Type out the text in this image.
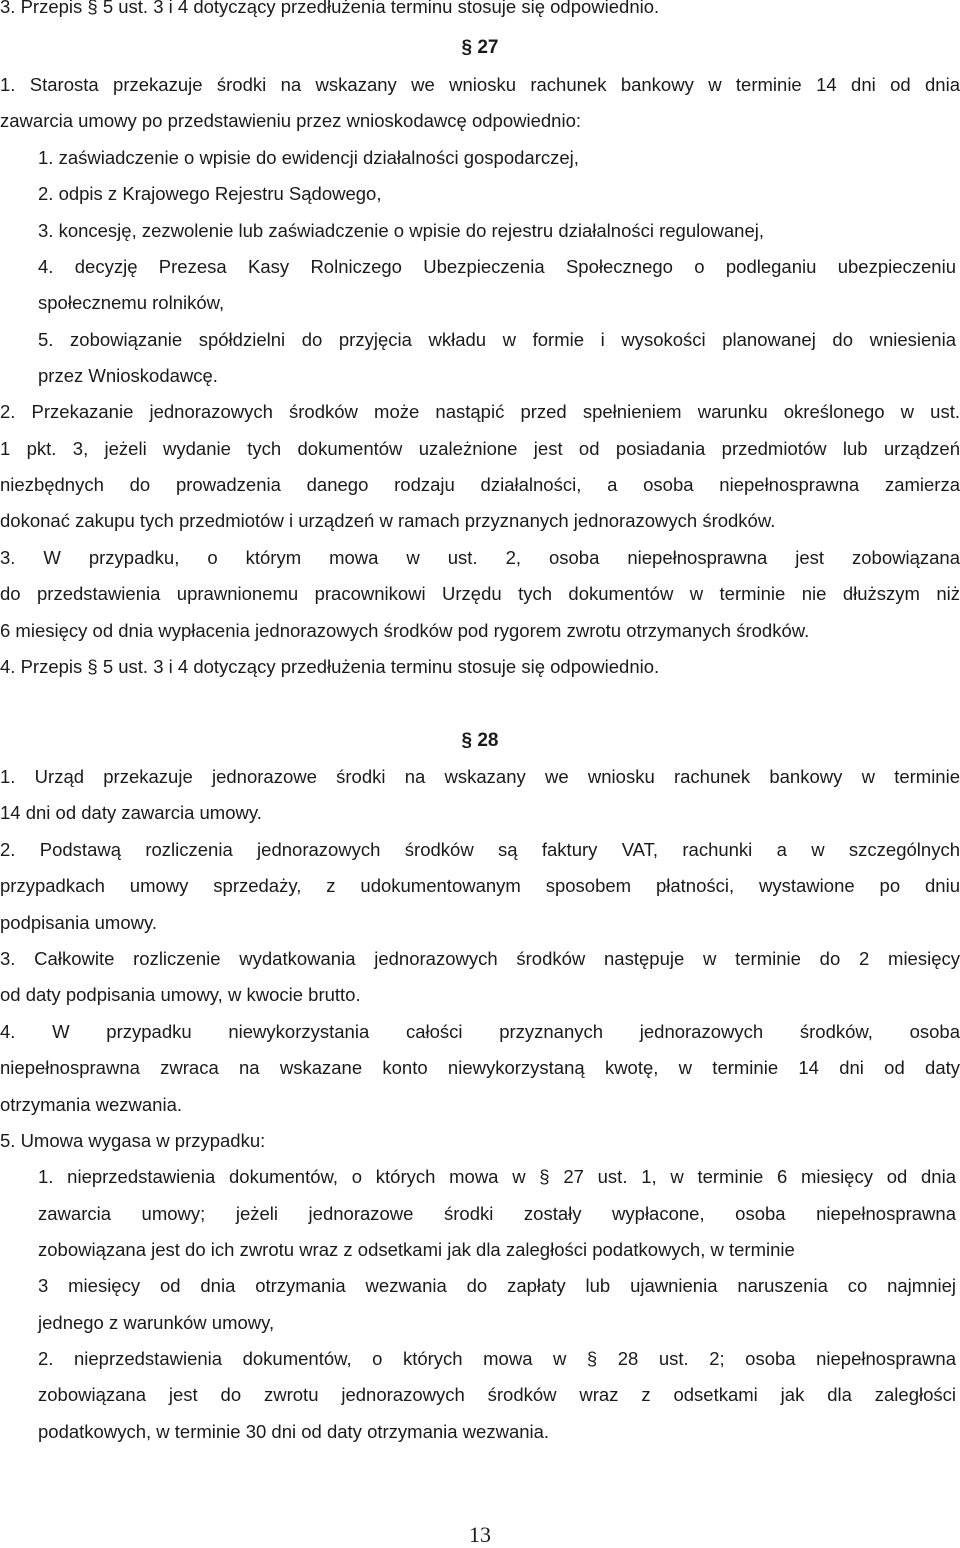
3. Przepis § 5 ust. 3 i 4 dotyczący przedłużenia terminu stosuje się odpowiednio.
§ 27
1. Starosta przekazuje środki na wskazany we wniosku rachunek bankowy w terminie 14 dni od dnia
zawarcia umowy po przedstawieniu przez wnioskodawcę odpowiednio:
1. zaświadczenie o wpisie do ewidencji działalności gospodarczej,
2. odpis z Krajowego Rejestru Sądowego,
3. koncesję, zezwolenie lub zaświadczenie o wpisie do rejestru działalności regulowanej,
4. decyzję Prezesa Kasy Rolniczego Ubezpieczenia Społecznego o podleganiu ubezpieczeniu
społecznemu rolników,
5. zobowiązanie spółdzielni do przyjęcia wkładu w formie i wysokości planowanej do wniesienia
przez Wnioskodawcę.
2. Przekazanie jednorazowych środków może nastąpić przed spełnieniem warunku określonego w ust.
1 pkt. 3, jeżeli wydanie tych dokumentów uzależnione jest od posiadania przedmiotów lub urządzeń
niezbędnych do prowadzenia danego rodzaju działalności, a osoba niepełnosprawna zamierza
dokonać zakupu tych przedmiotów i urządzeń w ramach przyznanych jednorazowych środków.
3. W przypadku, o którym mowa w ust. 2, osoba niepełnosprawna jest zobowiązana
do przedstawienia uprawnionemu pracownikowi Urzędu tych dokumentów w terminie nie dłuższym niż
6 miesięcy od dnia wypłacenia jednorazowych środków pod rygorem zwrotu otrzymanych środków.
4. Przepis § 5 ust. 3 i 4 dotyczący przedłużenia terminu stosuje się odpowiednio.
§ 28
1. Urząd przekazuje jednorazowe środki na wskazany we wniosku rachunek bankowy w terminie
14 dni od daty zawarcia umowy.
2. Podstawą rozliczenia jednorazowych środków są faktury VAT, rachunki a w szczególnych
przypadkach umowy sprzedaży, z udokumentowanym sposobem płatności, wystawione po dniu
podpisania umowy.
3. Całkowite rozliczenie wydatkowania jednorazowych środków następuje w terminie do 2 miesięcy
od daty podpisania umowy, w kwocie brutto.
4. W przypadku niewykorzystania całości przyznanych jednorazowych środków, osoba
niepełnosprawna zwraca na wskazane konto niewykorzystaną kwotę, w terminie 14 dni od daty
otrzymania wezwania.
5. Umowa wygasa w przypadku:
1. nieprzedstawienia dokumentów, o których mowa w § 27 ust. 1, w terminie 6 miesięcy od dnia
zawarcia umowy; jeżeli jednorazowe środki zostały wypłacone, osoba niepełnosprawna
zobowiązana jest do ich zwrotu wraz z odsetkami jak dla zaległości podatkowych, w terminie
3 miesięcy od dnia otrzymania wezwania do zapłaty lub ujawnienia naruszenia co najmniej
jednego z warunków umowy,
2. nieprzedstawienia dokumentów, o których mowa w § 28 ust. 2; osoba niepełnosprawna
zobowiązana jest do zwrotu jednorazowych środków wraz z odsetkami jak dla zaległości
podatkowych, w terminie 30 dni od daty otrzymania wezwania.
13
